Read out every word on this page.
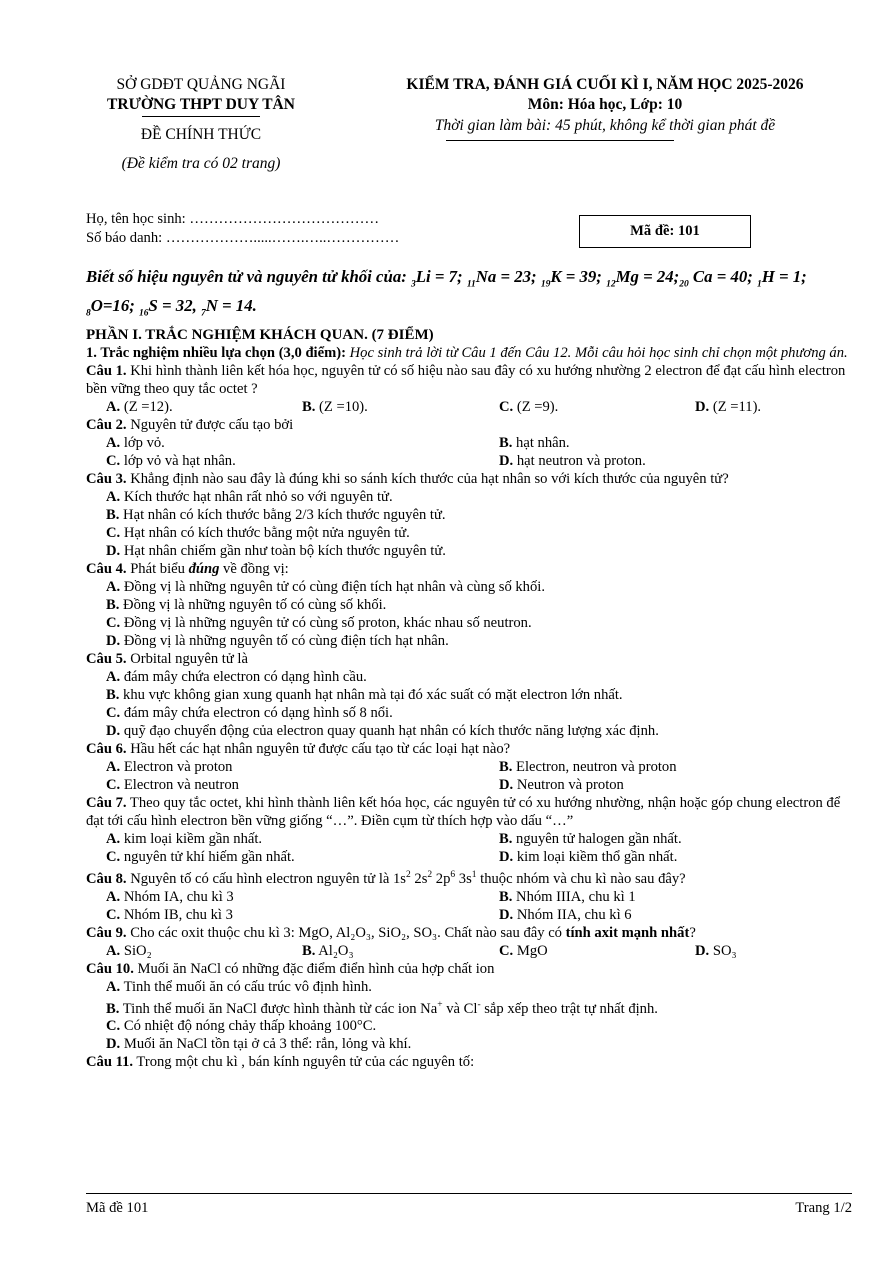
SỞ GDĐT QUẢNG NGÃI
TRƯỜNG THPT DUY TÂN
ĐỀ CHÍNH THỨC
(Đề kiểm tra có 02 trang)
KIỂM TRA, ĐÁNH GIÁ CUỐI KÌ I, NĂM HỌC 2025-2026
Môn: Hóa học, Lớp: 10
Thời gian làm bài: 45 phút, không kể thời gian phát đề
Họ, tên học sinh: …………………………………
Số báo danh: ……………….....…….…..……………	Mã đề: 101
Biết số hiệu nguyên tử và nguyên tử khối của: $_3$Li = 7; $_{11}$Na = 23; $_{19}$K = 39; $_{12}Mg = 24;_{20}$ Ca = 40; $_1$H = 1; $_8$O=16; $_{16}$S = 32, $_7$N = 14.
PHẦN I. TRẮC NGHIỆM KHÁCH QUAN. (7 ĐIỂM)
1. Trắc nghiệm nhiều lựa chọn (3,0 điểm): Học sinh trả lời từ Câu 1 đến Câu 12. Mỗi câu hỏi học sinh chỉ chọn một phương án.
Câu 1. Khi hình thành liên kết hóa học, nguyên tử có số hiệu nào sau đây có xu hướng nhường 2 electron để đạt cấu hình electron bền vững theo quy tắc octet ?
A. (Z =12).	B. (Z =10).	C. (Z =9).	D. (Z =11).
Câu 2. Nguyên tử được cấu tạo bởi
A. lớp vỏ.	B. hạt nhân.
C. lớp vỏ và hạt nhân.	D. hạt neutron và proton.
Câu 3. Khẳng định nào sau đây là đúng khi so sánh kích thước của hạt nhân so với kích thước của nguyên tử?
A. Kích thước hạt nhân rất nhỏ so với nguyên tử.
B. Hạt nhân có kích thước bằng 2/3 kích thước nguyên tử.
C. Hạt nhân có kích thước bằng một nửa nguyên tử.
D. Hạt nhân chiếm gần như toàn bộ kích thước nguyên tử.
Câu 4. Phát biểu đúng về đồng vị:
A. Đồng vị là những nguyên tử có cùng điện tích hạt nhân và cùng số khối.
B. Đồng vị là những nguyên tố có cùng số khối.
C. Đồng vị là những nguyên tử có cùng số proton, khác nhau số neutron.
D. Đồng vị là những nguyên tố có cùng điện tích hạt nhân.
Câu 5. Orbital nguyên tử là
A. đám mây chứa electron có dạng hình cầu.
B. khu vực không gian xung quanh hạt nhân mà tại đó xác suất có mặt electron lớn nhất.
C. đám mây chứa electron có dạng hình số 8 nổi.
D. quỹ đạo chuyển động của electron quay quanh hạt nhân có kích thước năng lượng xác định.
Câu 6. Hầu hết các hạt nhân nguyên tử được cấu tạo từ các loại hạt nào?
A. Electron và proton	B. Electron, neutron và proton
C. Electron và neutron	D. Neutron và proton
Câu 7. Theo quy tắc octet, khi hình thành liên kết hóa học, các nguyên tử có xu hướng nhường, nhận hoặc góp chung electron để đạt tới cấu hình electron bền vững giống “…”. Điền cụm từ thích hợp vào dấu “…”
A. kim loại kiềm gần nhất.	B. nguyên tử halogen gần nhất.
C. nguyên tử khí hiếm gần nhất.	D. kim loại kiềm thổ gần nhất.
Câu 8. Nguyên tố có cấu hình electron nguyên tử là $1s^2$ $2s^2$ $2p^6$ $3s^1$ thuộc nhóm và chu kì nào sau đây?
A. Nhóm IA, chu kì 3	B. Nhóm IIIA, chu kì 1
C. Nhóm IB, chu kì 3	D. Nhóm IIA, chu kì 6
Câu 9. Cho các oxit thuộc chu kì 3: MgO, Al₂O₃, SiO₂, SO₃. Chất nào sau đây có tính axit mạnh nhất?
A. SiO₂	B. Al₂O₃	C. MgO	D. SO₃
Câu 10. Muối ăn NaCl có những đặc điểm điển hình của hợp chất ion
A. Tinh thể muối ăn có cấu trúc vô định hình.
B. Tinh thể muối ăn NaCl được hình thành từ các ion Na+ và Cl- sắp xếp theo trật tự nhất định.
C. Có nhiệt độ nóng chảy thấp khoảng 100°C.
D. Muối ăn NaCl tồn tại ở cả 3 thể: rắn, lỏng và khí.
Câu 11. Trong một chu kì , bán kính nguyên tử của các nguyên tố:
Mã đề 101	Trang 1/2
